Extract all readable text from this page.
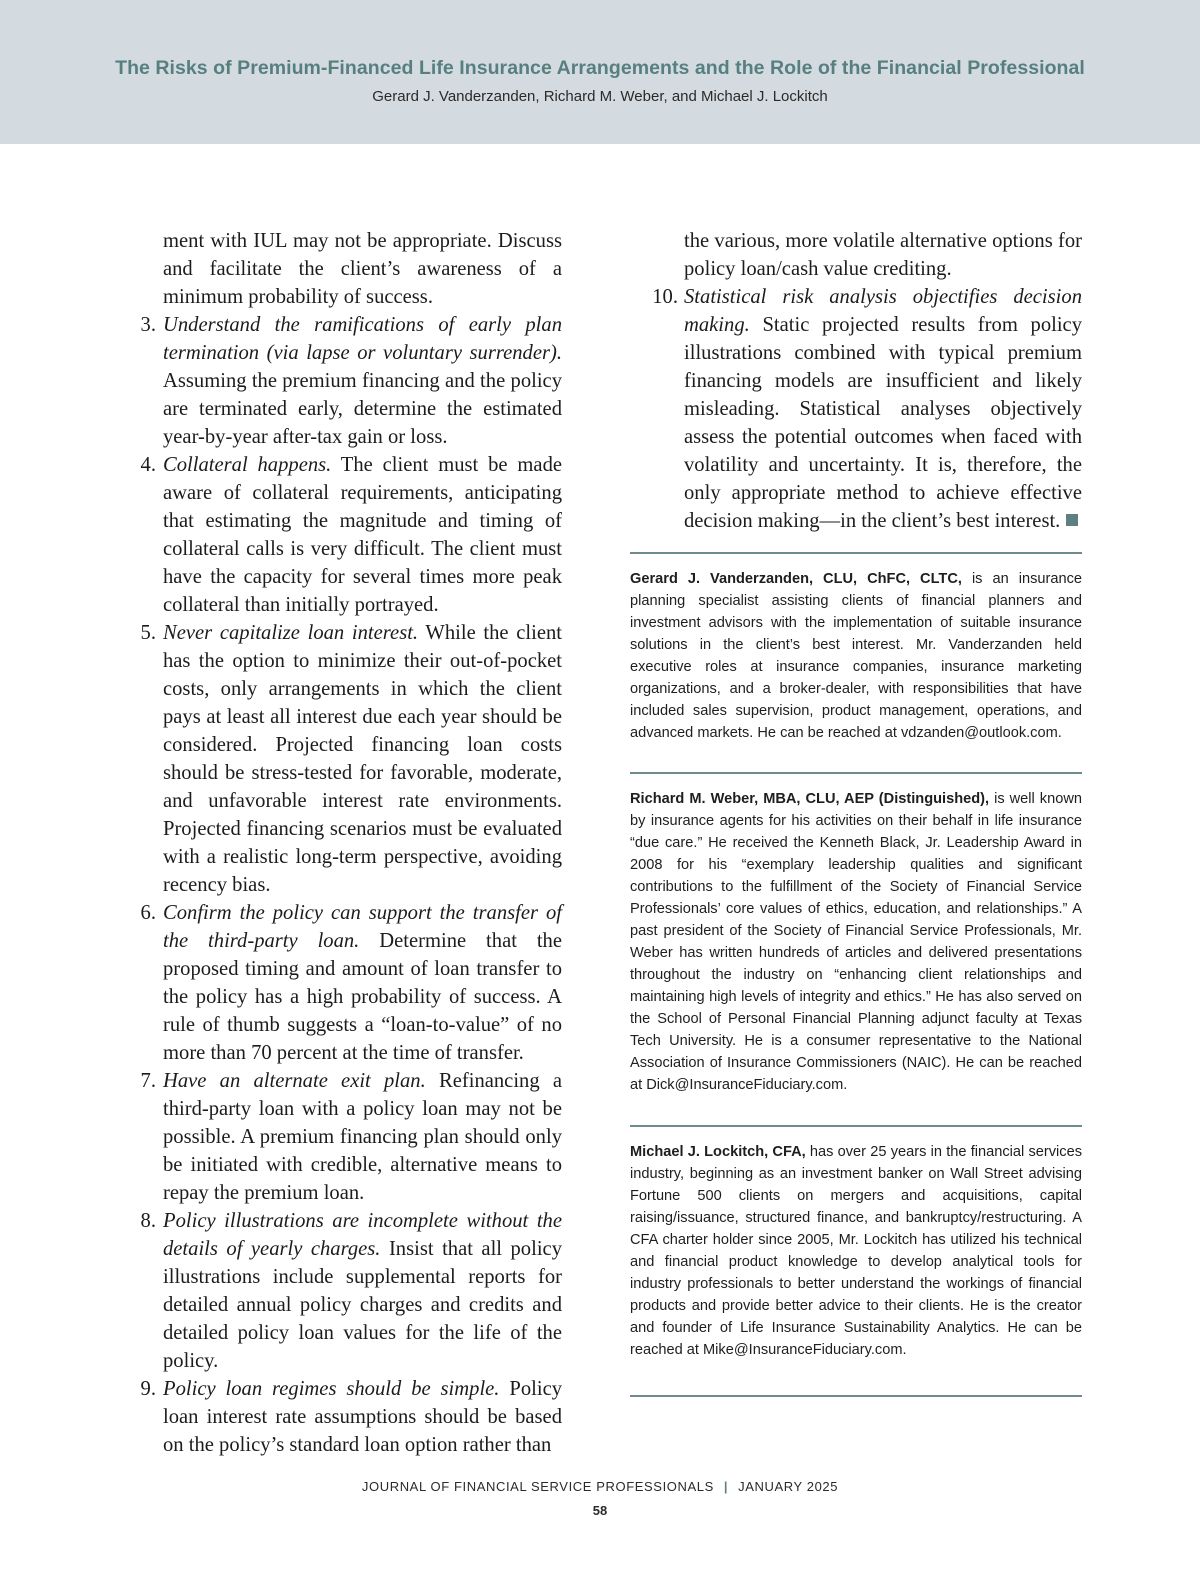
The Risks of Premium-Financed Life Insurance Arrangements and the Role of the Financial Professional
Gerard J. Vanderzanden, Richard M. Weber, and Michael J. Lockitch
ment with IUL may not be appropriate. Discuss and facilitate the client’s awareness of a minimum probability of success.
3. Understand the ramifications of early plan termination (via lapse or voluntary surrender). Assuming the premium financing and the policy are terminated early, determine the estimated year-by-year after-tax gain or loss.
4. Collateral happens. The client must be made aware of collateral requirements, anticipating that estimating the magnitude and timing of collateral calls is very difficult. The client must have the capacity for several times more peak collateral than initially portrayed.
5. Never capitalize loan interest. While the client has the option to minimize their out-of-pocket costs, only arrangements in which the client pays at least all interest due each year should be considered. Projected financing loan costs should be stress-tested for favorable, moderate, and unfavorable interest rate environments. Projected financing scenarios must be evaluated with a realistic long-term perspective, avoiding recency bias.
6. Confirm the policy can support the transfer of the third-party loan. Determine that the proposed timing and amount of loan transfer to the policy has a high probability of success. A rule of thumb suggests a “loan-to-value” of no more than 70 percent at the time of transfer.
7. Have an alternate exit plan. Refinancing a third-party loan with a policy loan may not be possible. A premium financing plan should only be initiated with credible, alternative means to repay the premium loan.
8. Policy illustrations are incomplete without the details of yearly charges. Insist that all policy illustrations include supplemental reports for detailed annual policy charges and credits and detailed policy loan values for the life of the policy.
9. Policy loan regimes should be simple. Policy loan interest rate assumptions should be based on the policy’s standard loan option rather than
the various, more volatile alternative options for policy loan/cash value crediting.
10. Statistical risk analysis objectifies decision making. Static projected results from policy illustrations combined with typical premium financing models are insufficient and likely misleading. Statistical analyses objectively assess the potential outcomes when faced with volatility and uncertainty. It is, therefore, the only appropriate method to achieve effective decision making—in the client’s best interest.
Gerard J. Vanderzanden, CLU, ChFC, CLTC, is an insurance planning specialist assisting clients of financial planners and investment advisors with the implementation of suitable insurance solutions in the client’s best interest. Mr. Vanderzanden held executive roles at insurance companies, insurance marketing organizations, and a broker-dealer, with responsibilities that have included sales supervision, product management, operations, and advanced markets. He can be reached at vdzanden@outlook.com.
Richard M. Weber, MBA, CLU, AEP (Distinguished), is well known by insurance agents for his activities on their behalf in life insurance “due care.” He received the Kenneth Black, Jr. Leadership Award in 2008 for his “exemplary leadership qualities and significant contributions to the fulfillment of the Society of Financial Service Professionals’ core values of ethics, education, and relationships.” A past president of the Society of Financial Service Professionals, Mr. Weber has written hundreds of articles and delivered presentations throughout the industry on “enhancing client relationships and maintaining high levels of integrity and ethics.” He has also served on the School of Personal Financial Planning adjunct faculty at Texas Tech University. He is a consumer representative to the National Association of Insurance Commissioners (NAIC). He can be reached at Dick@InsuranceFiduciary.com.
Michael J. Lockitch, CFA, has over 25 years in the financial services industry, beginning as an investment banker on Wall Street advising Fortune 500 clients on mergers and acquisitions, capital raising/issuance, structured finance, and bankruptcy/restructuring. A CFA charter holder since 2005, Mr. Lockitch has utilized his technical and financial product knowledge to develop analytical tools for industry professionals to better understand the workings of financial products and provide better advice to their clients. He is the creator and founder of Life Insurance Sustainability Analytics. He can be reached at Mike@InsuranceFiduciary.com.
JOURNAL OF FINANCIAL SERVICE PROFESSIONALS | JANUARY 2025
58
